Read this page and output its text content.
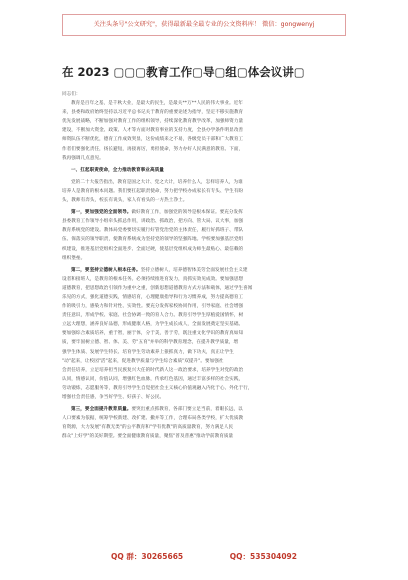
关注头条号"公文研究"，获得最新最全最专业的公文资料库！ 微信：gongwenyj
在 2023 ▢▢▢教育工作▢导▢组▢体会议讲▢
同志们：
教育是百年之基，是千秋大业，是最大的民生，是最关**万**人民的伟大事业。近年
来，县委和政府始终坚持以习近平总书记关于教育的重要论述为指导，坚定不移实施教育
优先发展战略，不断加强对教育工作的组织领导，持续深化教育教学改革，加强师资力量
建设，不断加大资金、政策、人才等方面对教育事业的支持力度，全县办学条件明显改善
师资队伍不断优化，德育工作成效突显，这份成绩来之不易，各级党员干部和广大教育工
作者们要强化责任，扬长避短，再接再厉，勇担使命，努力办好人民满意的教育。下面，
我再强调几点意见。
一、扛起职责使命，全力推动教育事业高质量
党的二十大报告指出，教育是国之大计、党之大计，培养什么人，怎样培养人，为谁
培养人是教育的根本问题。我们要扛起职责使命，努力把学校办成家长有专头、学生有盼
头，教师有奔头，校长有说头，家人有看头的一方热土净土。
第一，要加强党的全面领导。做好教育工作，加强党的领导是根本保证。要充分发挥
县委教育工作领导小组牵头抓总作用，讲政治、抓政治，把方向、管大局、议大事，加强
教育系统党的建设。教体局党委要切实履行好管党治党的主体责任，履行好抓班子、带队
伍、保落实的领导职责，使教育系统成为坚持党的领导的坚强阵地。学校要加强基层党组
织建设，推进基层党组织全面进步、全面过硬，使基层党组织成为师生最贴心、最信赖的
组织堡垒。
第二，要坚持立德树人根本任务。坚持立德树人，培养德智体美劳全面发展社会主义建
设者和接班人，是教育的根本任务。必须持续推进育发力，真抓实效见成效。要加强思想
道德教育，把思想政治引领作为重中之重，创新思想道德教育方式方法和载体，通过学生喜闻
乐见的方式，强化道德实践，情感培育，心理健康指导和行为习惯养成，努力提高德育工
作的吸引力，感染力和针对性、实效性。要充分发挥家校协同作用，引导家庭、社会增强
责任意识，形成学校、家庭、社会协调一致的育人合力。教育引导学生厚植爱国情怀，树
立远大理想，涵养良好品德，形成健康人格，为学生成长成人，全面发展奠定坚实基础。
要加强综合素质培养，重于智，丽于体，分于美，善于劳，既注重文化学识的教育真如知
质，要牢固树立德、智、体、美、劳"五育"并举的科学教育理念，在提升教学质量，增
强学生体质、发展学生特长、培育学生劳动素养上狠抓真力，做下功夫，真正让学生
"动"起来，让校园"活"起来，促进教学质量与学生综合素质"双提升"。要加强社
会责任培养，立足培养担当民族复兴大任的时代新人这一政治要求，培养学生对党的政治
认同，情感认同，价值认同，增强红色血脉，传承红色基因，通过丰富多样的社会实践，
劳动锻炼，志愿服务等，教育引导学生自觉把社会主义核心价值观融入内化于心、外化于行，
增强社会责任感，争当好学生、好孩子、好公民。
第三，要全面提升教育质量。要突出重点抓教育，各部门要立足当前，着眼长远，以
人口要素为依据，统筹学校新建、改扩建、撤并等工作，合理布局各类学校，扩大优质教
育资源，大力发展"有教无类"的公平教育和"学有优教"的高质量教育，努力满足人民
群众"上好学"的美好期望。要全面健康教育质量，聚焦"普及普惠"推动学前教育质量
QQ 群：30265665	QQ：535304092
